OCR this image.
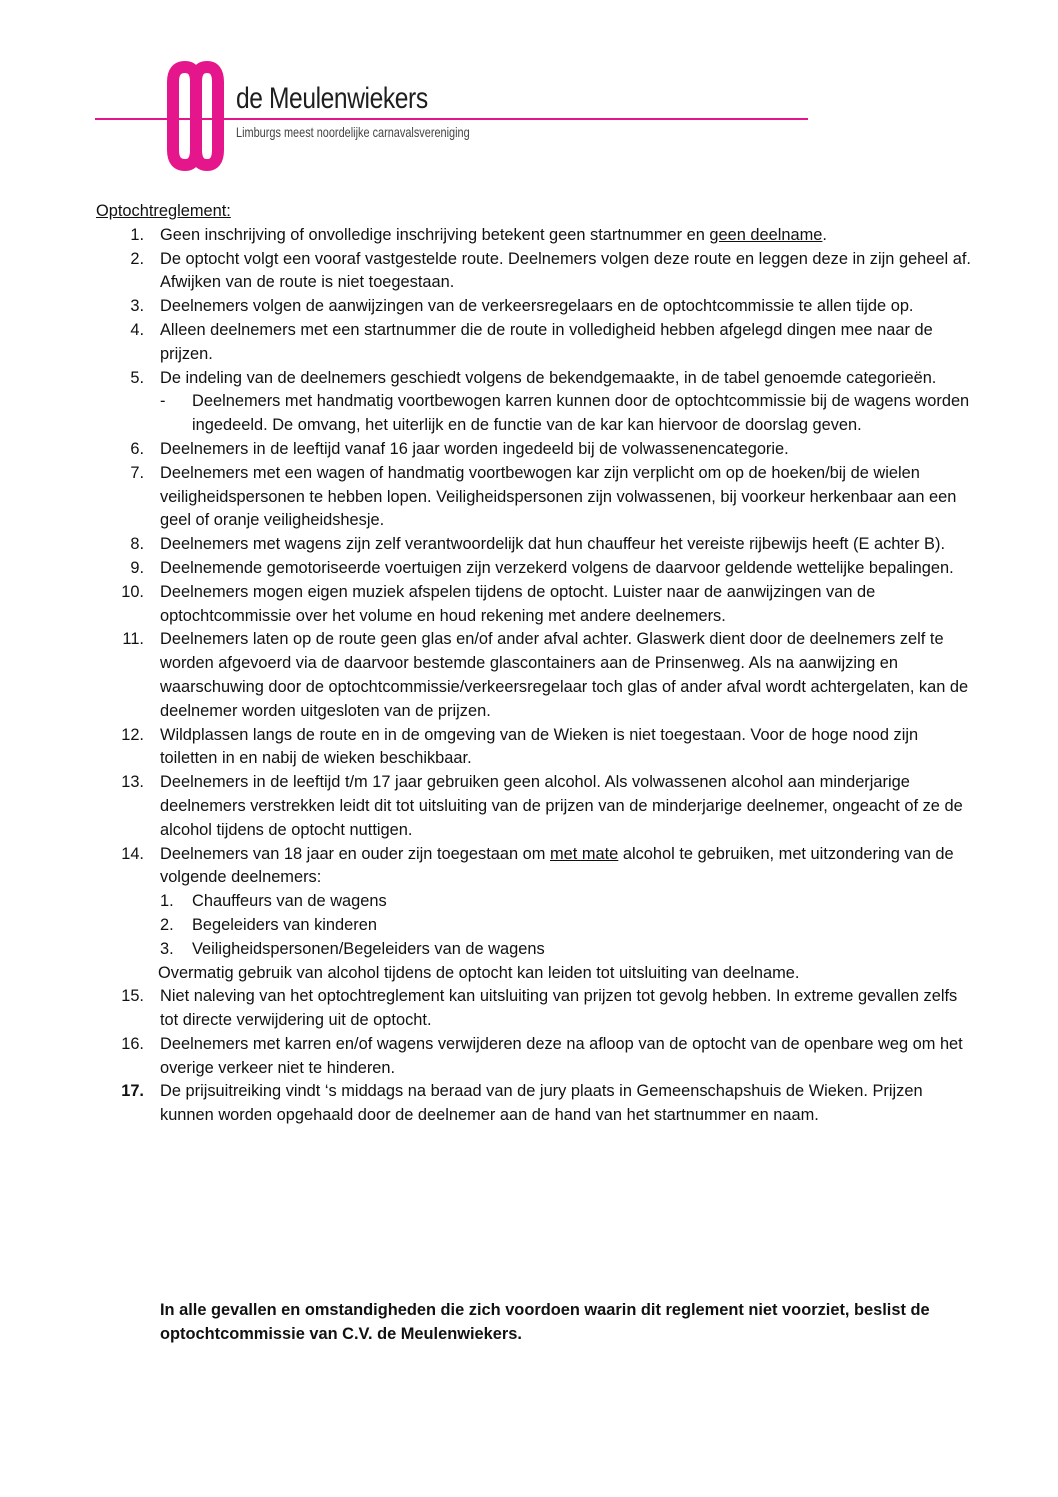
de Meulenwiekers
Limburgs meest noordelijke carnavalsvereniging
Optochtreglement:
1. Geen inschrijving of onvolledige inschrijving betekent geen startnummer en geen deelname.
2. De optocht volgt een vooraf vastgestelde route. Deelnemers volgen deze route en leggen deze in zijn geheel af. Afwijken van de route is niet toegestaan.
3. Deelnemers volgen de aanwijzingen van de verkeersregelaars en de optochtcommissie te allen tijde op.
4. Alleen deelnemers met een startnummer die de route in volledigheid hebben afgelegd dingen mee naar de prijzen.
5. De indeling van de deelnemers geschiedt volgens de bekendgemaakte, in de tabel genoemde categorieën.
- Deelnemers met handmatig voortbewogen karren kunnen door de optochtcommissie bij de wagens worden ingedeeld. De omvang, het uiterlijk en de functie van de kar kan hiervoor de doorslag geven.
6. Deelnemers in de leeftijd vanaf 16 jaar worden ingedeeld bij de volwassenencategorie.
7. Deelnemers met een wagen of handmatig voortbewogen kar zijn verplicht om op de hoeken/bij de wielen veiligheidspersonen te hebben lopen. Veiligheidspersonen zijn volwassenen, bij voorkeur herkenbaar aan een geel of oranje veiligheidshesje.
8. Deelnemers met wagens zijn zelf verantwoordelijk dat hun chauffeur het vereiste rijbewijs heeft (E achter B).
9. Deelnemende gemotoriseerde voertuigen zijn verzekerd volgens de daarvoor geldende wettelijke bepalingen.
10. Deelnemers mogen eigen muziek afspelen tijdens de optocht. Luister naar de aanwijzingen van de optochtcommissie over het volume en houd rekening met andere deelnemers.
11. Deelnemers laten op de route geen glas en/of ander afval achter. Glaswerk dient door de deelnemers zelf te worden afgevoerd via de daarvoor bestemde glascontainers aan de Prinsenweg. Als na aanwijzing en waarschuwing door de optochtcommissie/verkeersregelaar toch glas of ander afval wordt achtergelaten, kan de deelnemer worden uitgesloten van de prijzen.
12. Wildplassen langs de route en in de omgeving van de Wieken is niet toegestaan. Voor de hoge nood zijn toiletten in en nabij de wieken beschikbaar.
13. Deelnemers in de leeftijd t/m 17 jaar gebruiken geen alcohol. Als volwassenen alcohol aan minderjarige deelnemers verstrekken leidt dit tot uitsluiting van de prijzen van de minderjarige deelnemer, ongeacht of ze de alcohol tijdens de optocht nuttigen.
14. Deelnemers van 18 jaar en ouder zijn toegestaan om met mate alcohol te gebruiken, met uitzondering van de volgende deelnemers:
1. Chauffeurs van de wagens
2. Begeleiders van kinderen
3. Veiligheidspersonen/Begeleiders van de wagens
Overmatig gebruik van alcohol tijdens de optocht kan leiden tot uitsluiting van deelname.
15. Niet naleving van het optochtreglement kan uitsluiting van prijzen tot gevolg hebben. In extreme gevallen zelfs tot directe verwijdering uit de optocht.
16. Deelnemers met karren en/of wagens verwijderen deze na afloop van de optocht van de openbare weg om het overige verkeer niet te hinderen.
17. De prijsuitreiking vindt ‘s middags na beraad van de jury plaats in Gemeenschapshuis de Wieken. Prijzen kunnen worden opgehaald door de deelnemer aan de hand van het startnummer en naam.
In alle gevallen en omstandigheden die zich voordoen waarin dit reglement niet voorziet, beslist de optochtcommissie van C.V. de Meulenwiekers.
